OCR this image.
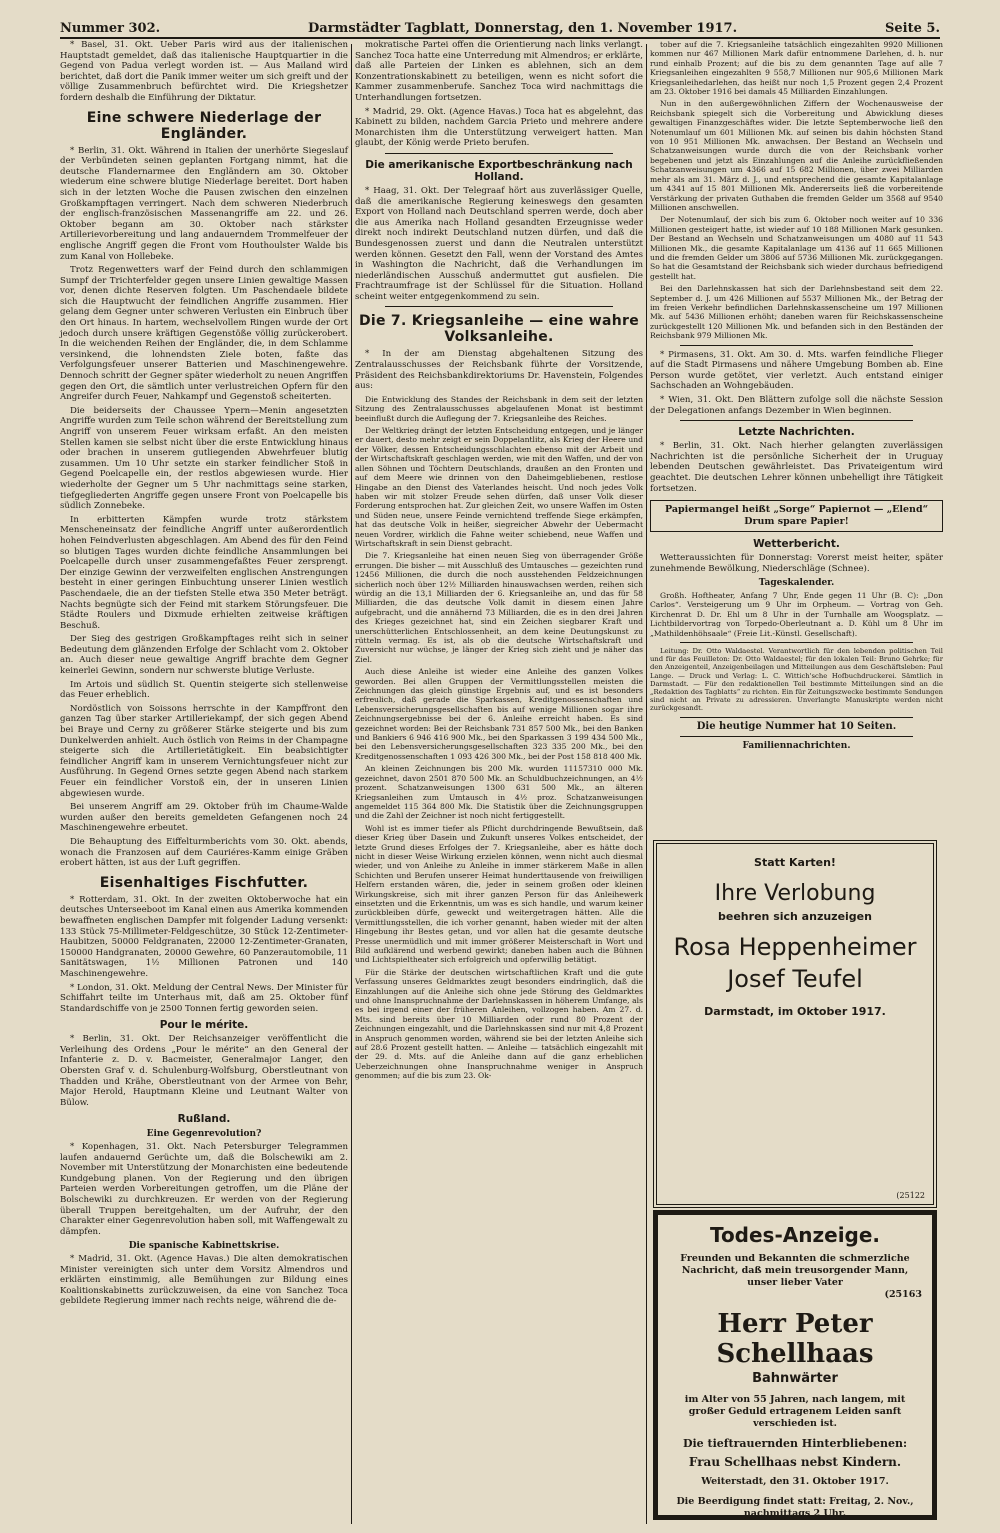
Nummer 302.	Darmstädter Tagblatt, Donnerstag, den 1. November 1917.	Seite 5.

* Basel, 31. Okt. Ueber Paris wird aus der italienischen Hauptstadt gemeldet, daß das italienische Hauptquartier in die Gegend von Padua verlegt worden ist. — Aus Mailand wird berichtet, daß dort die Panik immer weiter um sich greift und der völlige Zusammenbruch befürchtet wird. Die Kriegshetzer fordern deshalb die Einführung der Diktatur.

Eine schwere Niederlage der Engländer.

* Berlin, 31. Okt. Während in Italien der unerhörte Siegeslauf der Verbündeten seinen geplanten Fortgang nimmt, hat die deutsche Flandernarmee den Engländern am 30. Oktober wiederum eine schwere blutige Niederlage bereitet. Dort haben sich in der letzten Woche die Pausen zwischen den einzelnen Großkampftagen verringert. Nach dem schweren Niederbruch der englisch-französischen Massenangriffe am 22. und 26. Oktober begann am 30. Oktober nach stärkster Artillerievorbereitung und lang andauerndem Trommelfeuer der englische Angriff gegen die Front vom Houthoulster Walde bis zum Kanal von Hollebeke.

Trotz Regenwetters warf der Feind durch den schlammigen Sumpf der Trichterfelder gegen unsere Linien gewaltige Massen vor, denen dichte Reserven folgten. Um Paschendaele bildete sich die Hauptwucht der feindlichen Angriffe zusammen. Hier gelang dem Gegner unter schweren Verlusten ein Einbruch über den Ort hinaus. In hartem, wechselvollem Ringen wurde der Ort jedoch durch unsere kräftigen Gegenstöße völlig zurückerobert. In die weichenden Reihen der Engländer, die, in dem Schlamme versinkend, die lohnendsten Ziele boten, faßte das Verfolgungsfeuer unserer Batterien und Maschinengewehre. Dennoch schritt der Gegner später wiederholt zu neuen Angriffen gegen den Ort, die sämtlich unter verlustreichen Opfern für den Angreifer durch Feuer, Nahkampf und Gegenstoß scheiterten.

Die beiderseits der Chaussee Ypern—Menin angesetzten Angriffe wurden zum Teile schon während der Bereitstellung zum Angriff von unserem Feuer wirksam erfaßt. An den meisten Stellen kamen sie selbst nicht über die erste Entwicklung hinaus oder brachen in unserem gutliegenden Abwehrfeuer blutig zusammen. Um 10 Uhr setzte ein starker feindlicher Stoß in Gegend Poelcapelle ein, der restlos abgewiesen wurde. Hier wiederholte der Gegner um 5 Uhr nachmittags seine starken, tiefgegliederten Angriffe gegen unsere Front von Poelcapelle bis südlich Zonnebeke.

In erbitterten Kämpfen wurde trotz stärkstem Menscheneinsatz der feindliche Angriff unter außerordentlich hohen Feindverlusten abgeschlagen. Am Abend des für den Feind so blutigen Tages wurden dichte feindliche Ansammlungen bei Poelcapelle durch unser zusammengefaßtes Feuer zersprengt. Der einzige Gewinn der verzweifelten englischen Anstrengungen besteht in einer geringen Einbuchtung unserer Linien westlich Paschendaele, die an der tiefsten Stelle etwa 350 Meter beträgt. Nachts begnügte sich der Feind mit starkem Störungsfeuer. Die Städte Roulers und Dixmude erhielten zeitweise kräftigen Beschuß.

Der Sieg des gestrigen Großkampftages reiht sich in seiner Bedeutung dem glänzenden Erfolge der Schlacht vom 2. Oktober an. Auch dieser neue gewaltige Angriff brachte dem Gegner keinerlei Gewinn, sondern nur schwerste blutige Verluste.

Im Artois und südlich St. Quentin steigerte sich stellenweise das Feuer erheblich.

Nordöstlich von Soissons herrschte in der Kampffront den ganzen Tag über starker Artilleriekampf, der sich gegen Abend bei Braye und Cerny zu größerer Stärke steigerte und bis zum Dunkelwerden anhielt. Auch östlich von Reims in der Champagne steigerte sich die Artillerietätigkeit. Ein beabsichtigter feindlicher Angriff kam in unserem Vernichtungsfeuer nicht zur Ausführung. In Gegend Ornes setzte gegen Abend nach starkem Feuer ein feindlicher Vorstoß ein, der in unseren Linien abgewiesen wurde.

Bei unserem Angriff am 29. Oktober früh im Chaume-Walde wurden außer den bereits gemeldeten Gefangenen noch 24 Maschinengewehre erbeutet.

Die Behauptung des Eiffelturmberichts vom 30. Okt. abends, wonach die Franzosen auf dem Cauriéres-Kamm einige Gräben erobert hätten, ist aus der Luft gegriffen.

Eisenhaltiges Fischfutter.

* Rotterdam, 31. Okt. In der zweiten Oktoberwoche hat ein deutsches Unterseeboot im Kanal einen aus Amerika kommenden bewaffneten englischen Dampfer mit folgender Ladung versenkt: 133 Stück 75-Millimeter-Feldgeschütze, 30 Stück 12-Zentimeter-Haubitzen, 50000 Feldgranaten, 22000 12-Zentimeter-Granaten, 150000 Handgranaten, 20000 Gewehre, 60 Panzerautomobile, 11 Sanitätswagen, 1½ Millionen Patronen und 140 Maschinengewehre.

* London, 31. Okt. Meldung der Central News. Der Minister für Schiffahrt teilte im Unterhaus mit, daß am 25. Oktober fünf Standardschiffe von je 2500 Tonnen fertig geworden seien.

Pour le mérite.

* Berlin, 31. Okt. Der Reichsanzeiger veröffentlicht die Verleihung des Ordens „Pour le mérite“ an den General der Infanterie z. D. v. Bacmeister, Generalmajor Langer, den Obersten Graf v. d. Schulenburg-Wolfsburg, Oberstleutnant von Thadden und Krähe, Oberstleutnant von der Armee von Behr, Major Herold, Hauptmann Kleine und Leutnant Walter von Bülow.

Rußland.
Eine Gegenrevolution?

* Kopenhagen, 31. Okt. Nach Petersburger Telegrammen laufen andauernd Gerüchte um, daß die Bolschewiki am 2. November mit Unterstützung der Monarchisten eine bedeutende Kundgebung planen. Von der Regierung und den übrigen Parteien werden Vorbereitungen getroffen, um die Pläne der Bolschewiki zu durchkreuzen. Er werden von der Regierung überall Truppen bereitgehalten, um der Aufruhr, der den Charakter einer Gegenrevolution haben soll, mit Waffengewalt zu dämpfen.

Die spanische Kabinettskrise.

* Madrid, 31. Okt. (Agence Havas.) Die alten demokratischen Minister vereinigten sich unter dem Vorsitz Almendros und erklärten einstimmig, alle Bemühungen zur Bildung eines Koalitionskabinetts zurückzuweisen, da eine von Sanchez Toca gebildete Regierung immer nach rechts neige, während die de-

mokratische Partei offen die Orientierung nach links verlangt. Sanchez Toca hatte eine Unterredung mit Almendros; er erklärte, daß alle Parteien der Linken es ablehnen, sich an dem Konzentrationskabinett zu beteiligen, wenn es nicht sofort die Kammer zusammenberufe. Sanchez Toca wird nachmittags die Unterhandlungen fortsetzen.

* Madrid, 29. Okt. (Agence Havas.) Toca hat es abgelehnt, das Kabinett zu bilden, nachdem Garcia Prieto und mehrere andere Monarchisten ihm die Unterstützung verweigert hatten. Man glaubt, der König werde Prieto berufen.

Die amerikanische Exportbeschränkung nach Holland.

* Haag, 31. Okt. Der Telegraaf hört aus zuverlässiger Quelle, daß die amerikanische Regierung keineswegs den gesamten Export von Holland nach Deutschland sperren werde, doch aber die aus Amerika nach Holland gesandten Erzeugnisse weder direkt noch indirekt Deutschland nutzen dürfen, und daß die Bundesgenossen zuerst und dann die Neutralen unterstützt werden können. Gesetzt den Fall, wenn der Vorstand des Amtes in Washington die Nachricht, daß die Verhandlungen im niederländischen Ausschuß andermuttet gut ausfielen. Die Frachtraumfrage ist der Schlüssel für die Situation. Holland scheint weiter entgegenkommend zu sein.

Die 7. Kriegsanleihe — eine wahre Volksanleihe.

* In der am Dienstag abgehaltenen Sitzung des Zentralausschusses der Reichsbank führte der Vorsitzende, Präsident des Reichsbankdirektoriums Dr. Havenstein, Folgendes aus:

Die Entwicklung des Standes der Reichsbank in dem seit der letzten Sitzung des Zentralausschusses abgelaufenen Monat ist bestimmt beeinflußt durch die Auflegung der 7. Kriegsanleihe des Reiches.

Der Weltkrieg drängt der letzten Entscheidung entgegen, und je länger er dauert, desto mehr zeigt er sein Doppelantlitz, als Krieg der Heere und der Völker, dessen Entscheidungsschlachten ebenso mit der Arbeit und der Wirtschaftskraft geschlagen werden, wie mit den Waffen, und der von allen Söhnen und Töchtern Deutschlands, draußen an den Fronten und auf dem Meere wie drinnen von den Daheimgebliebenen, restlose Hingabe an den Dienst des Vaterlandes heischt. Und noch jedes Volk haben wir mit stolzer Freude sehen dürfen, daß unser Volk dieser Forderung entsprochen hat. Zur gleichen Zeit, wo unsere Waffen im Osten und Süden neue, unsere Feinde vernichtend treffende Siege erkämpfen, hat das deutsche Volk in heißer, siegreicher Abwehr der Uebermacht neuen Vordrer, wirklich die Fahne weiter schiebend, neue Waffen und Wirtschaftskraft in sein Dienst gebracht.

Die 7. Kriegsanleihe hat einen neuen Sieg von überragender Größe errungen. Die bisher — mit Ausschluß des Umtausches — gezeichten rund 12456 Millionen, die durch die noch ausstehenden Feldzeichnungen sicherlich noch über 12½ Milliarden hinauswachsen werden, reihen sich würdig an die 13,1 Milliarden der 6. Kriegsanleihe an, und das für 58 Milliarden, die das deutsche Volk damit in diesem einen Jahre aufgebracht, und die annähernd 73 Milliarden, die es in den drei Jahren des Krieges gezeichnet hat, sind ein Zeichen siegbarer Kraft und unerschütterlichen Entschlossenheit, an dem keine Deutungskunst zu rütteln vermag. Es ist, als ob die deutsche Wirtschaftskraft und Zuversicht nur wüchse, je länger der Krieg sich zieht und je näher das Ziel.

Auch diese Anleihe ist wieder eine Anleihe des ganzen Volkes geworden. Bei allen Gruppen der Vermittlungsstellen meisten die Zeichnungen das gleich günstige Ergebnis auf, und es ist besonders erfreulich, daß gerade die Sparkassen, Kreditgenossenschaften und Lebensversicherungsgesellschaften bis auf wenige Millionen sogar ihre Zeichnungsergebnisse bei der 6. Anleihe erreicht haben. Es sind gezeichnet worden: Bei der Reichsbank 731 857 500 Mk., bei den Banken und Bankiers 6 946 416 900 Mk., bei den Sparkassen 3 199 434 500 Mk., bei den Lebensversicherungsgesellschaften 323 335 200 Mk., bei den Kreditgenossenschaften 1 093 426 300 Mk., bei der Post 158 818 400 Mk.

An kleinen Zeichnungen bis 200 Mk. wurden 11157310 000 Mk. gezeichnet, davon 2501 870 500 Mk. an Schuldbuchzeichnungen, an 4½ prozent. Schatzanweisungen 1300 631 500 Mk., an älteren Kriegsanleihen zum Umtausch in 4½ proz. Schatzanweisungen angemeldet 115 364 800 Mk. Die Statistik über die Zeichnungsgruppen und die Zahl der Zeichner ist noch nicht fertiggestellt.

Wohl ist es immer tiefer als Pflicht durchdringende Bewußtsein, daß dieser Krieg über Dasein und Zukunft unseres Volkes entscheidet, der letzte Grund dieses Erfolges der 7. Kriegsanleihe, aber es hätte doch nicht in dieser Weise Wirkung erzielen können, wenn nicht auch diesmal wieder, und von Anleihe zu Anleihe in immer stärkerem Maße in allen Schichten und Berufen unserer Heimat hunderttausende von freiwilligen Helfern erstanden wären, die, jeder in seinem großen oder kleinen Wirkungskreise, sich mit ihrer ganzen Person für das Anleihewerk einsetzten und die Erkenntnis, um was es sich handle, und warum keiner zurückbleiben dürfe, geweckt und weitergetragen hätten. Alle die Vermittlungsstellen, die ich vorher genannt, haben wieder mit der alten Hingebung ihr Bestes getan, und vor allen hat die gesamte deutsche Presse unermüdlich und mit immer größerer Meisterschaft in Wort und Bild aufklärend und werbend gewirkt; daneben haben auch die Bühnen und Lichtspieltheater sich erfolgreich und opferwillig betätigt.

Für die Stärke der deutschen wirtschaftlichen Kraft und die gute Verfassung unseres Geldmarktes zeugt besonders eindringlich, daß die Einzahlungen auf die Anleihe sich ohne jede Störung des Geldmarktes und ohne Inanspruchnahme der Darlehnskassen in höherem Umfange, als es bei irgend einer der früheren Anleihen, vollzogen haben. Am 27. d. Mts. sind bereits über 10 Milliarden oder rund 80 Prozent der Zeichnungen eingezahlt, und die Darlehnskassen sind nur mit 4,8 Prozent in Anspruch genommen worden, während sie bei der letzten Anleihe sich auf 28.6 Prozent gestellt hatten. — Anleihe — tatsächlich eingezahlt mit der 29. d. Mts. auf die Anleihe dann auf die ganz erheblichen Ueberzeichnungen ohne Inanspruchnahme weniger in Anspruch genommen; auf die bis zum 23. Ok-

tober auf die 7. Kriegsanleihe tatsächlich eingezahlten 9920 Millionen kommen nur 467 Millionen Mark dafür entnommene Darlehen, d. h. nur rund einhalb Prozent; auf die bis zu dem genannten Tage auf alle 7 Kriegsanleihen eingezahlten 9 558,7 Millionen nur 905,6 Millionen Mark Kriegsanleihedarlehen, das heißt nur noch 1,5 Prozent gegen 2,4 Prozent am 23. Oktober 1916 bei damals 45 Milliarden Einzahlungen.

Nun in den außergewöhnlichen Ziffern der Wochenausweise der Reichsbank spiegelt sich die Vorbereitung und Abwicklung dieses gewaltigen Finanzgeschäftes wider. Die letzte Septemberwoche ließ den Notenumlauf um 601 Millionen Mk. auf seinen bis dahin höchsten Stand von 10 951 Millionen Mk. anwachsen. Der Bestand an Wechseln und Schatzanweisungen wurde durch die von der Reichsbank vorher begebenen und jetzt als Einzahlungen auf die Anleihe zurückfließenden Schatzanweisungen um 4366 auf 15 682 Millionen, über zwei Milliarden mehr als am 31. März d. J., und entsprechend die gesamte Kapitalanlage um 4341 auf 15 801 Millionen Mk. Andererseits ließ die vorbereitende Verstärkung der privaten Guthaben die fremden Gelder um 3568 auf 9540 Millionen anschwellen.

Der Notenumlauf, der sich bis zum 6. Oktober noch weiter auf 10 336 Millionen gesteigert hatte, ist wieder auf 10 188 Millionen Mark gesunken. Der Bestand an Wechseln und Schatzanweisungen um 4080 auf 11 543 Millionen Mk., die gesamte Kapitalanlage um 4136 auf 11 665 Millionen und die fremden Gelder um 3806 auf 5736 Millionen Mk. zurückgegangen. So hat die Gesamtstand der Reichsbank sich wieder durchaus befriedigend gestellt hat.

Bei den Darlehnskassen hat sich der Darlehnsbestand seit dem 22. September d. J. um 426 Millionen auf 5537 Millionen Mk., der Betrag der im freien Verkehr befindlichen Darlehnskassenscheine um 197 Millionen Mk. auf 5436 Millionen erhöht; daneben waren für Reichskassenscheine zurückgestellt 120 Millionen Mk. und befanden sich in den Beständen der Reichsbank 979 Millionen Mk.

* Pirmasens, 31. Okt. Am 30. d. Mts. warfen feindliche Flieger auf die Stadt Pirmasens und nähere Umgebung Bomben ab. Eine Person wurde getötet, vier verletzt. Auch entstand einiger Sachschaden an Wohngebäuden.

* Wien, 31. Okt. Den Blättern zufolge soll die nächste Session der Delegationen anfangs Dezember in Wien beginnen.

Letzte Nachrichten.

* Berlin, 31. Okt. Nach hierher gelangten zuverlässigen Nachrichten ist die persönliche Sicherheit der in Uruguay lebenden Deutschen gewährleistet. Das Privateigentum wird geachtet. Die deutschen Lehrer können unbehelligt ihre Tätigkeit fortsetzen.

Papiermangel heißt „Sorge“ Papiernot — „Elend“ Drum spare Papier!
Wetterbericht.

Wetteraussichten für Donnerstag: Vorerst meist heiter, später zunehmende Bewölkung, Niederschläge (Schnee).

Tageskalender.

Großh. Hoftheater, Anfang 7 Uhr, Ende gegen 11 Uhr (B. C): „Don Carlos“. Versteigerung um 9 Uhr im Orpheum. — Vortrag von Geh. Kirchenrat D. Dr. Ehl um 8 Uhr in der Turnhalle am Woogsplatz. — Lichtbildervortrag von Torpedo-Oberleutnant a. D. Kühl um 8 Uhr im „Mathildenhöhsaale“ (Freie Lit.-Künstl. Gesellschaft).

Leitung: Dr. Otto Waldaestel. Verantwortlich für den lebenden politischen Teil und für das Feuilleton: Dr. Otto Waldaestel; für den lokalen Teil: Bruno Gehrke; für den Anzeigenteil, Anzeigenbeilagen und Mitteilungen aus dem Geschäftsleben: Paul Lange. — Druck und Verlag: L. C. Wittich'sche Hofbuchdruckerei. Sämtlich in Darmstadt. — Für den redaktionellen Teil bestimmte Mitteilungen sind an die „Redaktion des Tagblatts“ zu richten. Ein für Zeitungszwecke bestimmte Sendungen sind nicht an Private zu adressieren. Unverlangte Manuskripte werden nicht zurückgesandt.

Die heutige Nummer hat 10 Seiten.
Familiennachrichten.
Statt Karten!
Ihre Verlobung
beehren sich anzuzeigen
Rosa Heppenheimer
Josef Teufel
Darmstadt, im Oktober 1917.
(25122
Todes-Anzeige.
Freunden und Bekannten die schmerzliche Nachricht, daß mein treusorgender Mann, unser lieber Vater
(25163
Herr Peter Schellhaas
Bahnwärter
im Alter von 55 Jahren, nach langem, mit großer Geduld ertragenem Leiden sanft verschieden ist.
Die tieftrauernden Hinterbliebenen:
Frau Schellhaas nebst Kindern.
Weiterstadt, den 31. Oktober 1917.
Die Beerdigung findet statt: Freitag, 2. Nov., nachmittags 2 Uhr.
